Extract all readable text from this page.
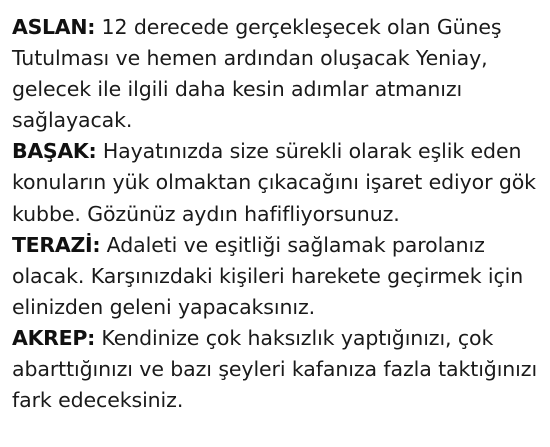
ASLAN: 12 derecede gerçekleşecek olan Güneş Tutulması ve hemen ardından oluşacak Yeniay, gelecek ile ilgili daha kesin adımlar atmanızı sağlayacak.

BAŞAK: Hayatınızda size sürekli olarak eşlik eden konuların yük olmaktan çıkacağını işaret ediyor gök kubbe. Gözünüz aydın hafifliyorsunuz.

TERAZİ: Adaleti ve eşitliği sağlamak parolanız olacak. Karşınızdaki kişileri harekete geçirmek için elinizden geleni yapacaksınız.

AKREP: Kendinize çok haksızlık yaptığınızı, çok abarttığınızı ve bazı şeyleri kafanıza fazla taktığınızı fark edeceksiniz.
